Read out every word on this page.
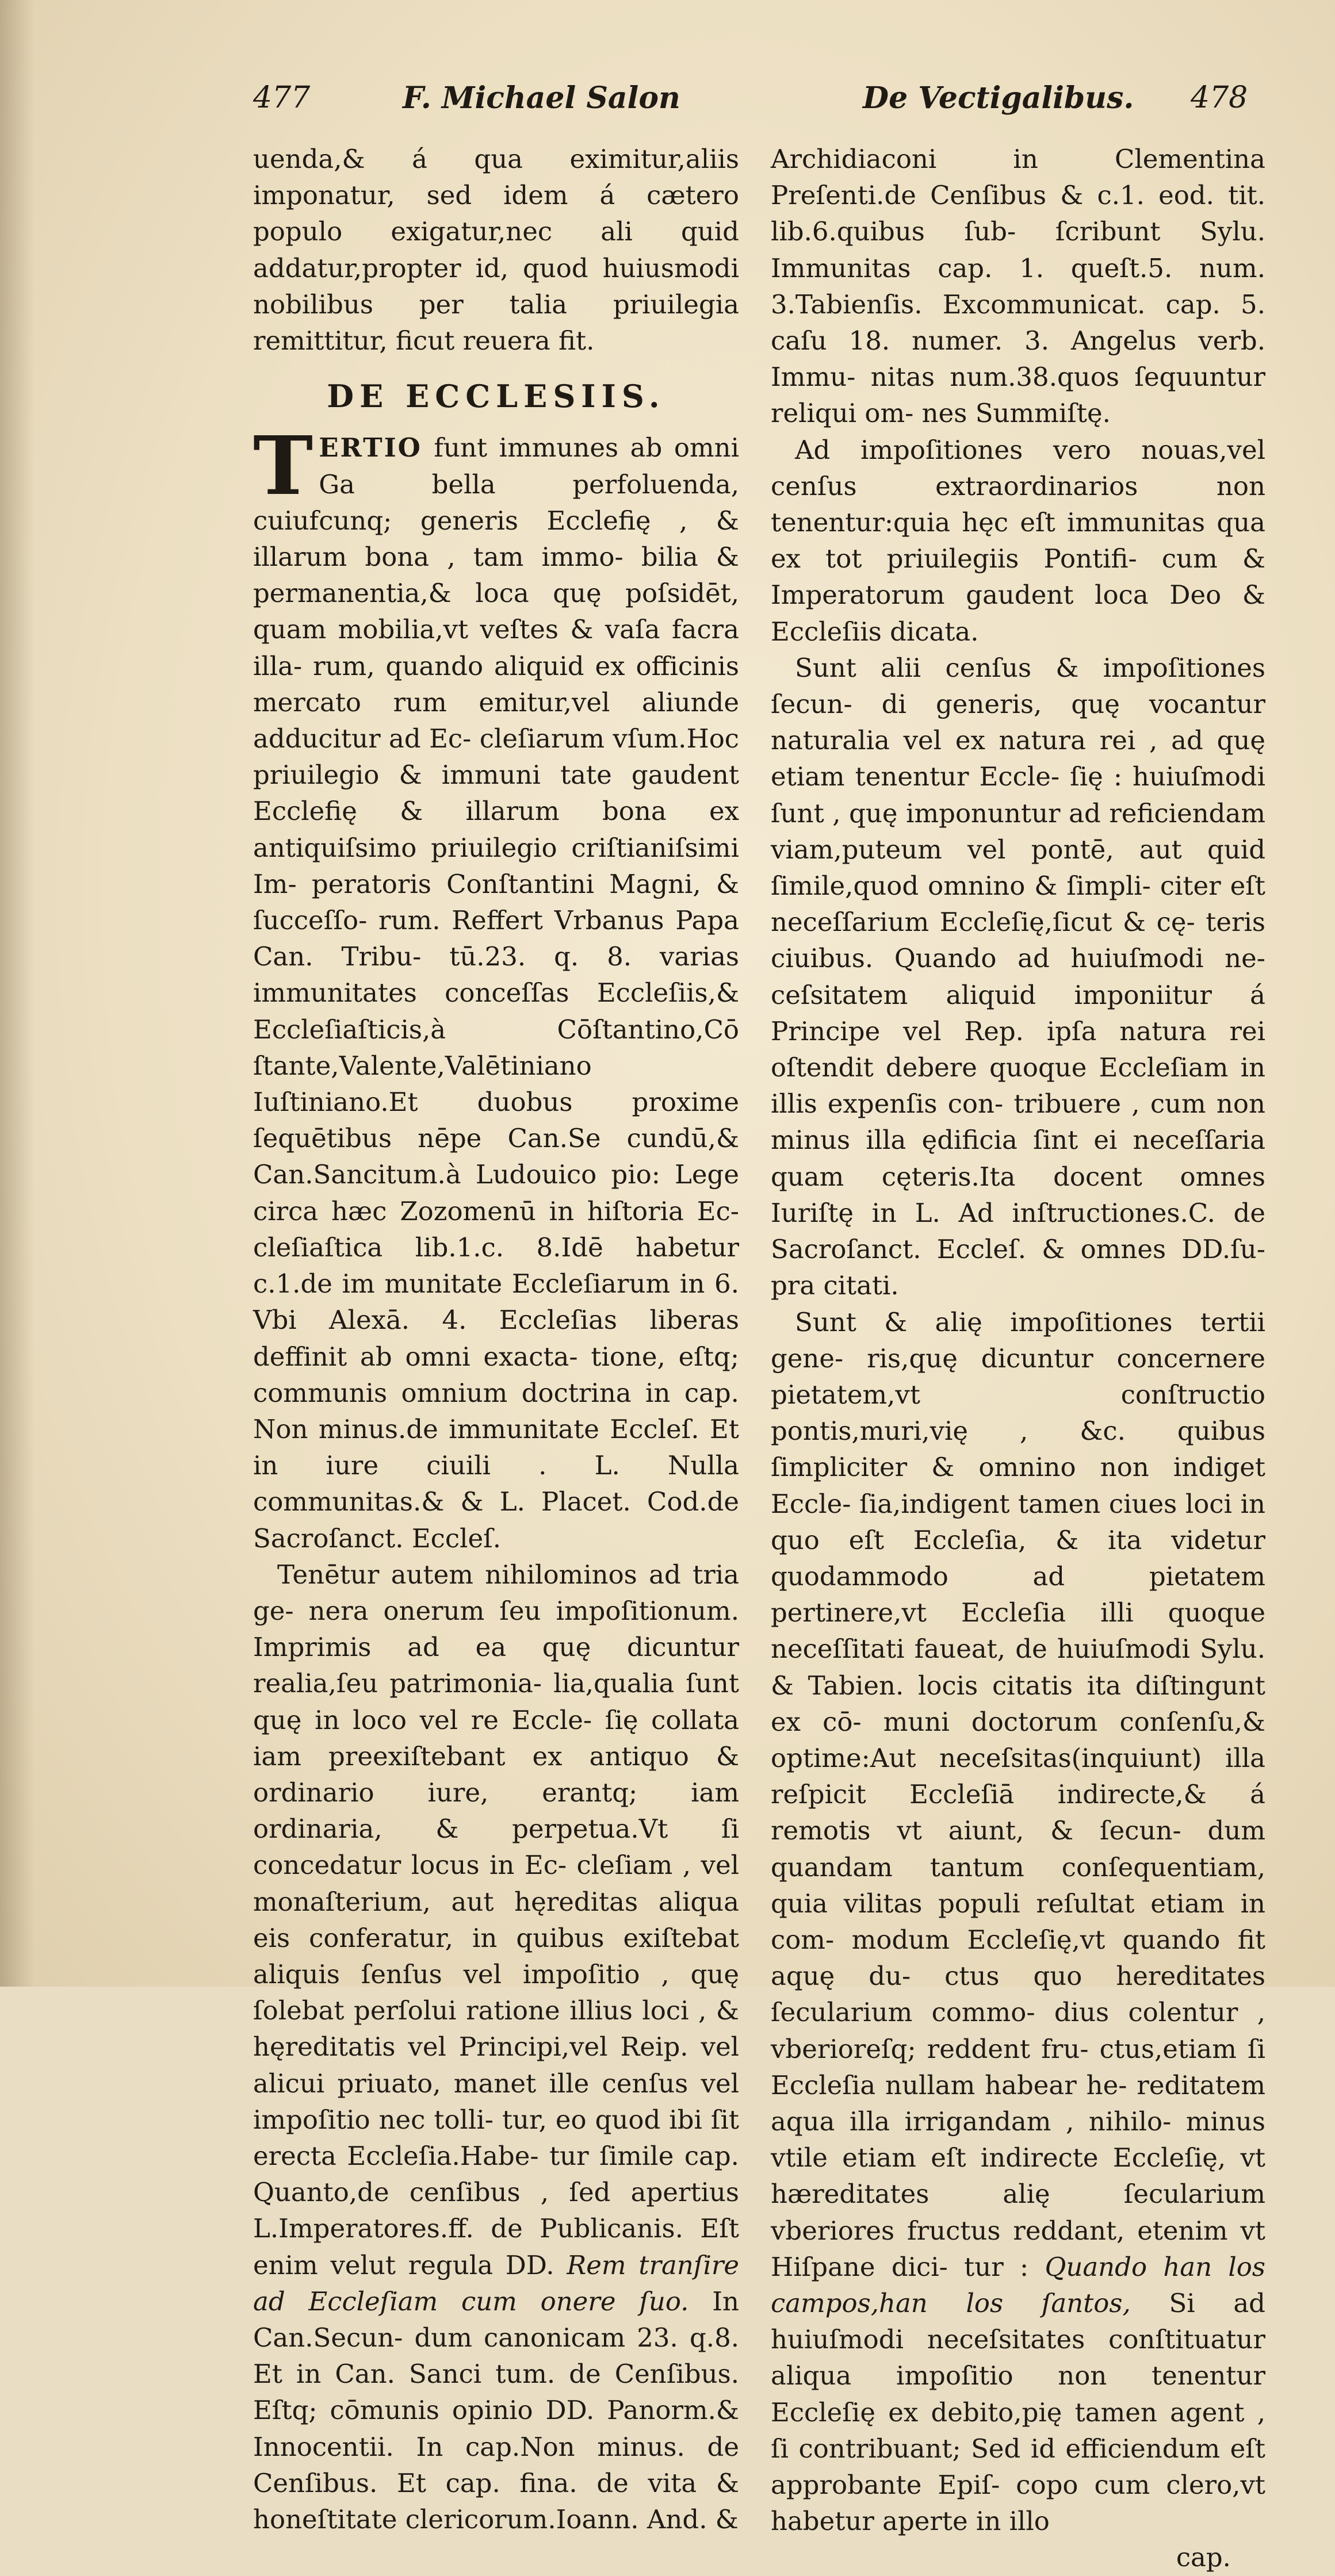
477	F. Michael Salon	De Vectigalibus. 478

uenda,& á qua eximitur,aliis imponatur, sed idem á cætero populo exigatur,nec ali quid addatur,propter id, quod huiusmodi nobilibus per talia priuilegia remittitur, ficut reuera fit.

DE ECCLESIIS.

TERTIO funt immunes ab omni Ga bella perfoluenda, cuiufcunq; generis Ecclefię , & illarum bona , tam immo- bilia & permanentia,& loca quę poſsidēt, quam mobilia,vt veſtes & vaſa facra illa- rum, quando aliquid ex officinis mercato rum emitur,vel aliunde adducitur ad Ec- cleſiarum vſum.Hoc priuilegio & immuni tate gaudent Ecclefię & illarum bona ex antiquiſsimo priuilegio criſtianiſsimi Im- peratoris Conſtantini Magni, & ſucceſſo- rum. Reffert Vrbanus Papa Can. Tribu- tū.23. q. 8. varias immunitates conceſſas Eccleſiis,& Eccleſiaſticis,à Cōſtantino,Cō ſtante,Valente,Valētiniano Iuſtiniano.Et duobus proxime ſequētibus nēpe Can.Se cundū,& Can.Sancitum.à Ludouico pio: Lege circa hæc Zozomenū in hiſtoria Ec- cleſiaſtica lib.1.c. 8.Idē habetur c.1.de im munitate Eccleſiarum in 6. Vbi Alexā. 4. Eccleſias liberas deffinit ab omni exacta- tione, eſtq; communis omnium doctrina in cap. Non minus.de immunitate Eccleſ. Et in iure ciuili . L. Nulla communitas.& & L. Placet. Cod.de Sacroſanct. Eccleſ.

Tenētur autem nihilominos ad tria ge- nera onerum ſeu impoſitionum. Imprimis ad ea quę dicuntur realia,ſeu patrimonia- lia,qualia ſunt quę in loco vel re Eccle- ſię collata iam preexiſtebant ex antiquo & ordinario iure, erantq; iam ordinaria, & perpetua.Vt ſi concedatur locus in Ec- cleſiam , vel monaſterium, aut hęreditas aliqua eis conferatur, in quibus exiſtebat aliquis ſenſus vel impoſitio , quę ſolebat perſolui ratione illius loci , & hęreditatis vel Principi,vel Reip. vel alicui priuato, manet ille cenſus vel impoſitio nec tolli- tur, eo quod ibi ſit erecta Eccleſia.Habe- tur ſimile cap. Quanto,de cenſibus , ſed apertius L.Imperatores.ff. de Publicanis. Eſt enim velut regula DD. Rem tranſire ad Eccleſiam cum onere ſuo. In Can.Secun- dum canonicam 23. q.8. Et in Can. Sanci tum. de Cenſibus. Eſtq; cōmunis opinio DD. Panorm.& Innocentii. In cap.Non minus. de Cenſibus. Et cap. fina. de vita & honeſtitate clericorum.Ioann. And. &

Archidiaconi in Clementina Preſenti.de Cenſibus & c.1. eod. tit. lib.6.quibus ſub- ſcribunt Sylu. Immunitas cap. 1. queſt.5. num. 3.Tabienſis. Excommunicat. cap. 5. caſu 18. numer. 3. Angelus verb. Immu- nitas num.38.quos ſequuntur reliqui om- nes Summiſtę.

Ad impoſitiones vero nouas,vel cenſus extraordinarios non tenentur:quia hęc eſt immunitas qua ex tot priuilegiis Pontifi- cum & Imperatorum gaudent loca Deo & Eccleſiis dicata.

Sunt alii cenſus & impoſitiones ſecun- di generis, quę vocantur naturalia vel ex natura rei , ad quę etiam tenentur Eccle- ſię : huiuſmodi ſunt , quę imponuntur ad reficiendam viam,puteum vel pontē, aut quid ſimile,quod omnino & ſimpli- citer eſt neceſſarium Eccleſię,ſicut & cę- teris ciuibus. Quando ad huiuſmodi ne- ceſsitatem aliquid imponiitur á Principe vel Rep. ipſa natura rei oſtendit debere quoque Eccleſiam in illis expenſis con- tribuere , cum non minus illa ędificia ſint ei neceſſaria quam cęteris.Ita docent omnes Iuriſtę in L. Ad inſtructiones.C. de Sacroſanct. Eccleſ. & omnes DD.ſu- pra citati.

Sunt & alię impoſitiones tertii gene- ris,quę dicuntur concernere pietatem,vt conſtructio pontis,muri,vię , &c. quibus ſimpliciter & omnino non indiget Eccle- ſia,indigent tamen ciues loci in quo eſt Eccleſia, & ita videtur quodammodo ad pietatem pertinere,vt Eccleſia illi quoque neceſſitati faueat, de huiuſmodi Sylu. & Tabien. locis citatis ita diſtingunt ex cō- muni doctorum conſenſu,& optime:Aut neceſsitas(inquiunt) illa reſpicit Eccleſiā indirecte,& á remotis vt aiunt, & ſecun- dum quandam tantum conſequentiam, quia vilitas populi reſultat etiam in com- modum Eccleſię,vt quando fit aquę du- ctus quo hereditates ſecularium commo- dius colentur , vberioreſq; reddent fru- ctus,etiam ſi Eccleſia nullam habear he- reditatem aqua illa irrigandam , nihilo- minus vtile etiam eſt indirecte Eccleſię, vt hæreditates alię ſecularium vberiores fructus reddant, etenim vt Hiſpane dici- tur : Quando han los campos,han los ſantos, Si ad huiuſmodi neceſsitates conſtituatur aliqua impoſitio non tenentur Eccleſię ex debito,pię tamen agent , ſi contribuant; Sed id efficiendum eſt approbante Epiſ- copo cum clero,vt habetur aperte in illo

cap.
